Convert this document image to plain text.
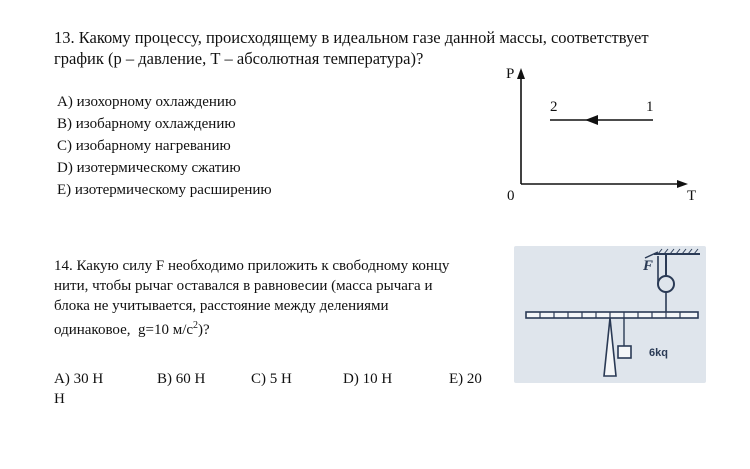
13. Какому процессу, происходящему в идеальном газе данной массы, соответствует
график (р – давление, Т – абсолютная температура)?
А) изохорному охлаждению
В) изобарному охлаждению
С) изобарному нагреванию
D) изотермическому сжатию
Е) изотермическому расширению
P
T
0
1
2
14. Какую силу F необходимо приложить к свободному концу
нити, чтобы рычаг оставался в равновесии (масса рычага и
блока не учитывается, расстояние между делениями
одинаковое, g=10 $м/с^2$)?
А) 30 Н	В) 60 Н	С) 5 Н	D) 10 Н	Е) 20
Н
F
6kq
